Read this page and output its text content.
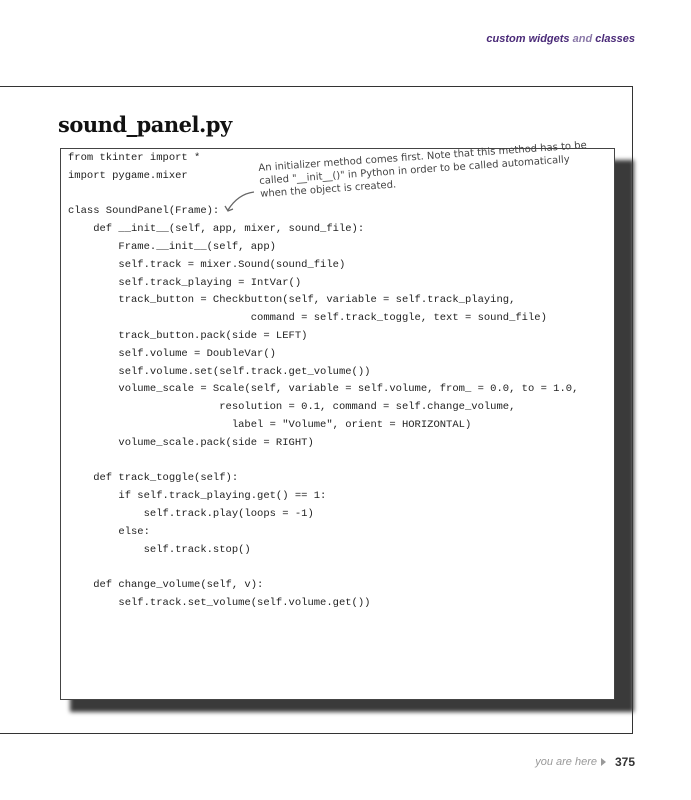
custom widgets and classes
sound_panel.py
from tkinter import *
import pygame.mixer
class SoundPanel(Frame):
def __init__(self, app, mixer, sound_file):
Frame.__init__(self, app)
self.track = mixer.Sound(sound_file)
self.track_playing = IntVar()
track_button = Checkbutton(self, variable = self.track_playing,
command = self.track_toggle, text = sound_file)
track_button.pack(side = LEFT)
self.volume = DoubleVar()
self.volume.set(self.track.get_volume())
volume_scale = Scale(self, variable = self.volume, from_ = 0.0, to = 1.0,
resolution = 0.1, command = self.change_volume,
label = "Volume", orient = HORIZONTAL)
volume_scale.pack(side = RIGHT)
def track_toggle(self):
if self.track_playing.get() == 1:
self.track.play(loops = -1)
else:
self.track.stop()
def change_volume(self, v):
self.track.set_volume(self.volume.get())
An initializer method comes first. Note that this method has to be called "__init__()" in Python in order to be called automatically when the object is created.
you are here 375
